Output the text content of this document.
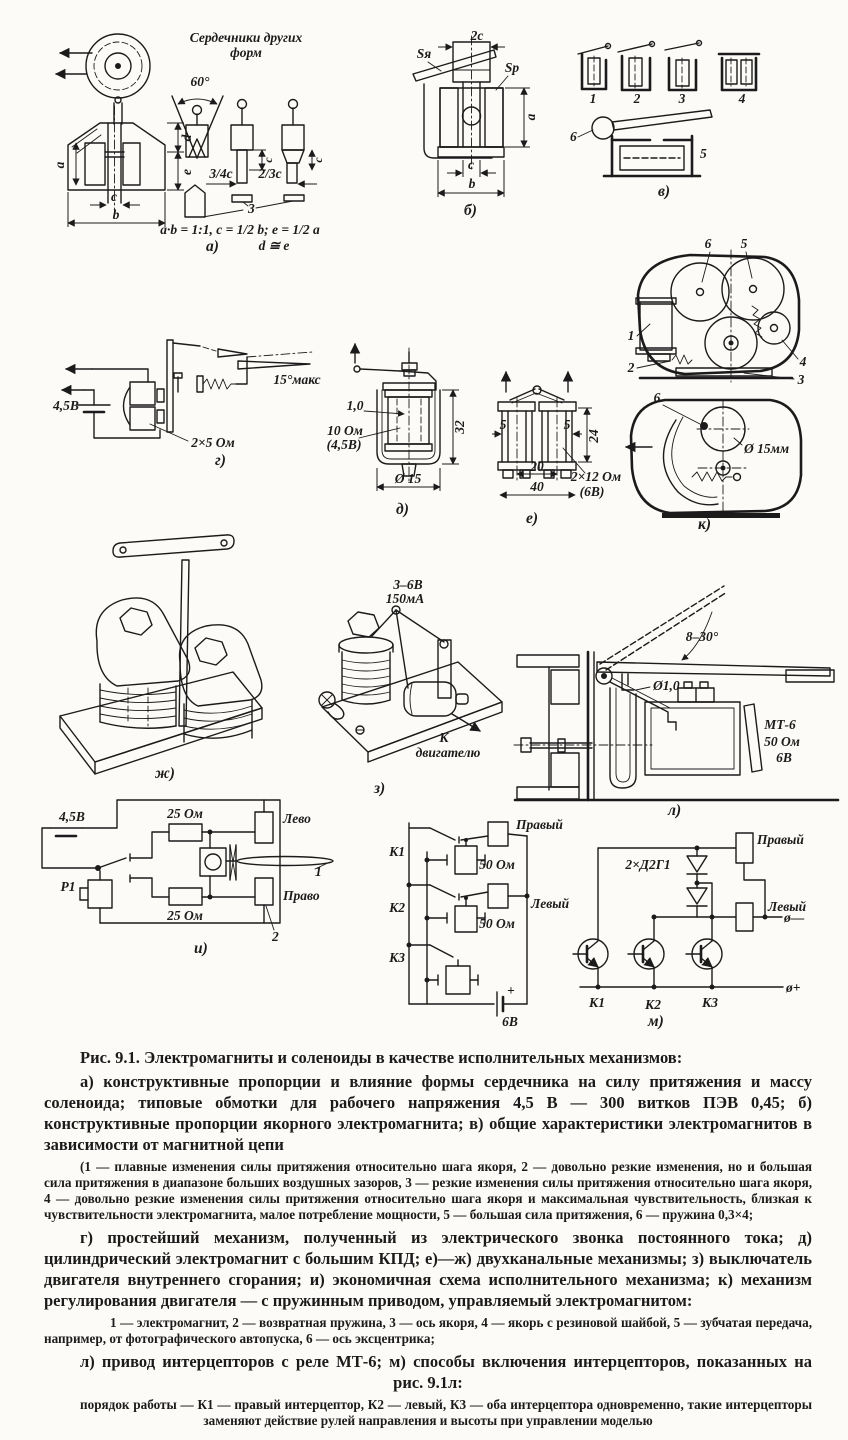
d
e
a
c
b
Сердечники других
форм
60°
c
3/4c
c
2/3c
3
a·b = 1:1, c = 1/2 b; e = 1/2 a
а)	d ≅ e
2c
Sя
Sр
a
c
b
б)
1	2	3	4
6
5
в)
4,5В
15°макс
2×5 Ом
г)
32
Ø 15
1,0
10 Ом
(4,5В)
д)
5	5
24
20
40
2×12 Ом
(6В)
е)
6 5
1
2	4
3
6
Ø 15мм
к)
ж)
3–6В
150мА
К
двигателю
з)
8–30°
Ø1,0
МТ-6
50 Ом
6В
л)
4,5В
Р1
25 Ом
25 Ом
Лево
Право
1
2
и)
+
6В
Правый
50 Ом
Левый
50 Ом
К1
К2
К3
2×Д2Г1
Правый
Левый
ø—
ø+
К1	К2	К3
м)

Рис. 9.1. Электромагниты и соленоиды в качестве исполнительных механизмов:

а) конструктивные пропорции и влияние формы сердечника на силу притяжения и массу соленоида; типовые обмотки для рабочего напряжения 4,5 В — 300 витков ПЭВ 0,45; б) конструктивные пропорции якорного электромагнита; в) общие характеристики электромагнитов в зависимости от магнитной цепи

(1 — плавные изменения силы притяжения относительно шага якоря, 2 — довольно резкие изменения, но и большая сила притяжения в диапазоне больших воздушных зазоров, 3 — резкие изменения силы притяжения относительно шага якоря, 4 — довольно резкие изменения силы притяжения относительно шага якоря и максимальная чувствительность, близкая к чувствительности электромагнита, малое потребление мощности, 5 — большая сила притяжения, 6 — пружина 0,3×4;

г) простейший механизм, полученный из электрического звонка постоянного тока; д) цилиндрический электромагнит с большим КПД; е)—ж) двухканальные механизмы; з) выключатель двигателя внутреннего сгорания; и) экономичная схема исполнительного механизма; к) механизм регулирования двигателя — с пружинным приводом, управляемый электромагнитом:

1 — электромагнит, 2 — возвратная пружина, 3 — ось якоря, 4 — якорь с резиновой шайбой, 5 — зубчатая передача, например, от фотографического автопуска, 6 — ось эксцентрика;

л) привод интерцепторов с реле МТ-6; м) способы включения интерцепторов, показанных на рис. 9.1л:

порядок работы — К1 — правый интерцептор, К2 — левый, К3 — оба интерцептора одновременно, такие интерцепторы заменяют действие рулей направления и высоты при управлении моделью
